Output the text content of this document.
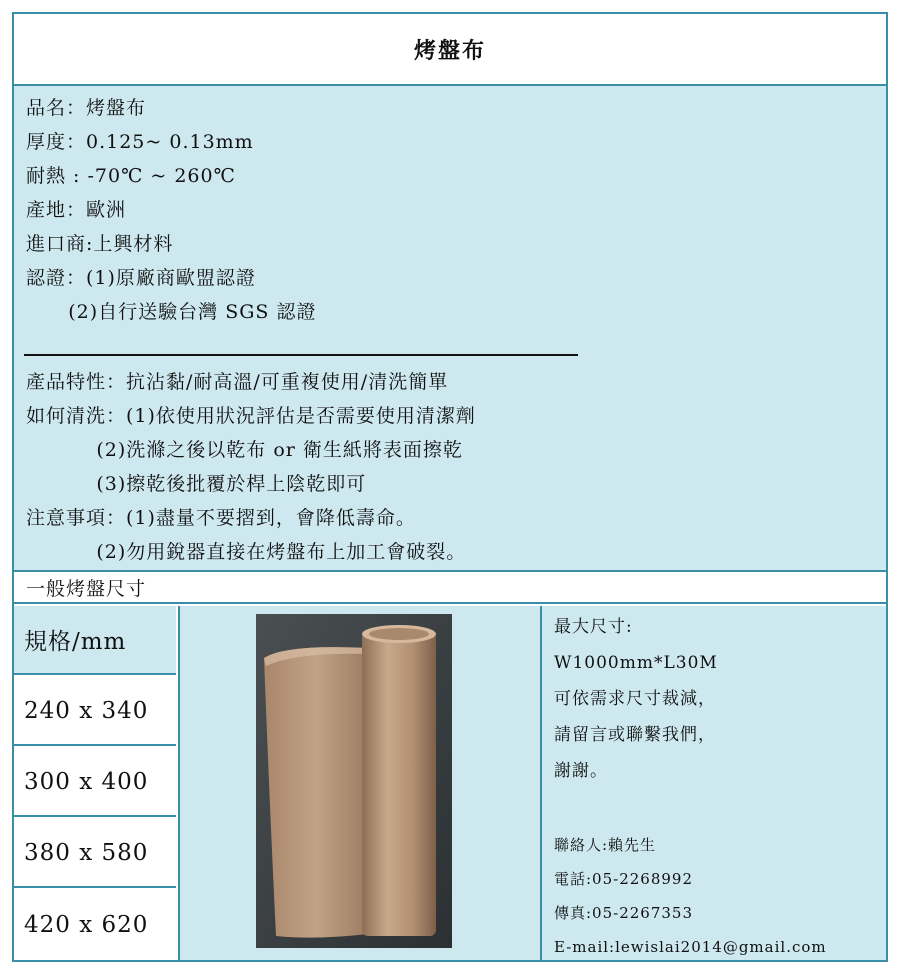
烤盤布
品名：烤盤布
厚度：0.125~ 0.13mm
耐熱 : -70℃ ~ 260℃
產地：歐洲
進口商:上興材料
認證：(1)原廠商歐盟認證
(2)自行送驗台灣 SGS 認證
產品特性：抗沾黏/耐高溫/可重複使用/清洗簡單
如何清洗：(1)依使用狀況評估是否需要使用清潔劑
(2)洗滌之後以乾布 or 衛生紙將表面擦乾
(3)擦乾後批覆於桿上陰乾即可
注意事項：(1)盡量不要摺到，會降低壽命。
(2)勿用銳器直接在烤盤布上加工會破裂。
一般烤盤尺寸
規格/mm
240 x 340
300 x 400
380 x 580
420 x 620
最大尺寸:
W1000mm*L30M
可依需求尺寸裁減，
請留言或聯繫我們，
謝謝。
聯絡人:賴先生
電話:05-2268992
傳真:05-2267353
E-mail:lewislai2014@gmail.com
